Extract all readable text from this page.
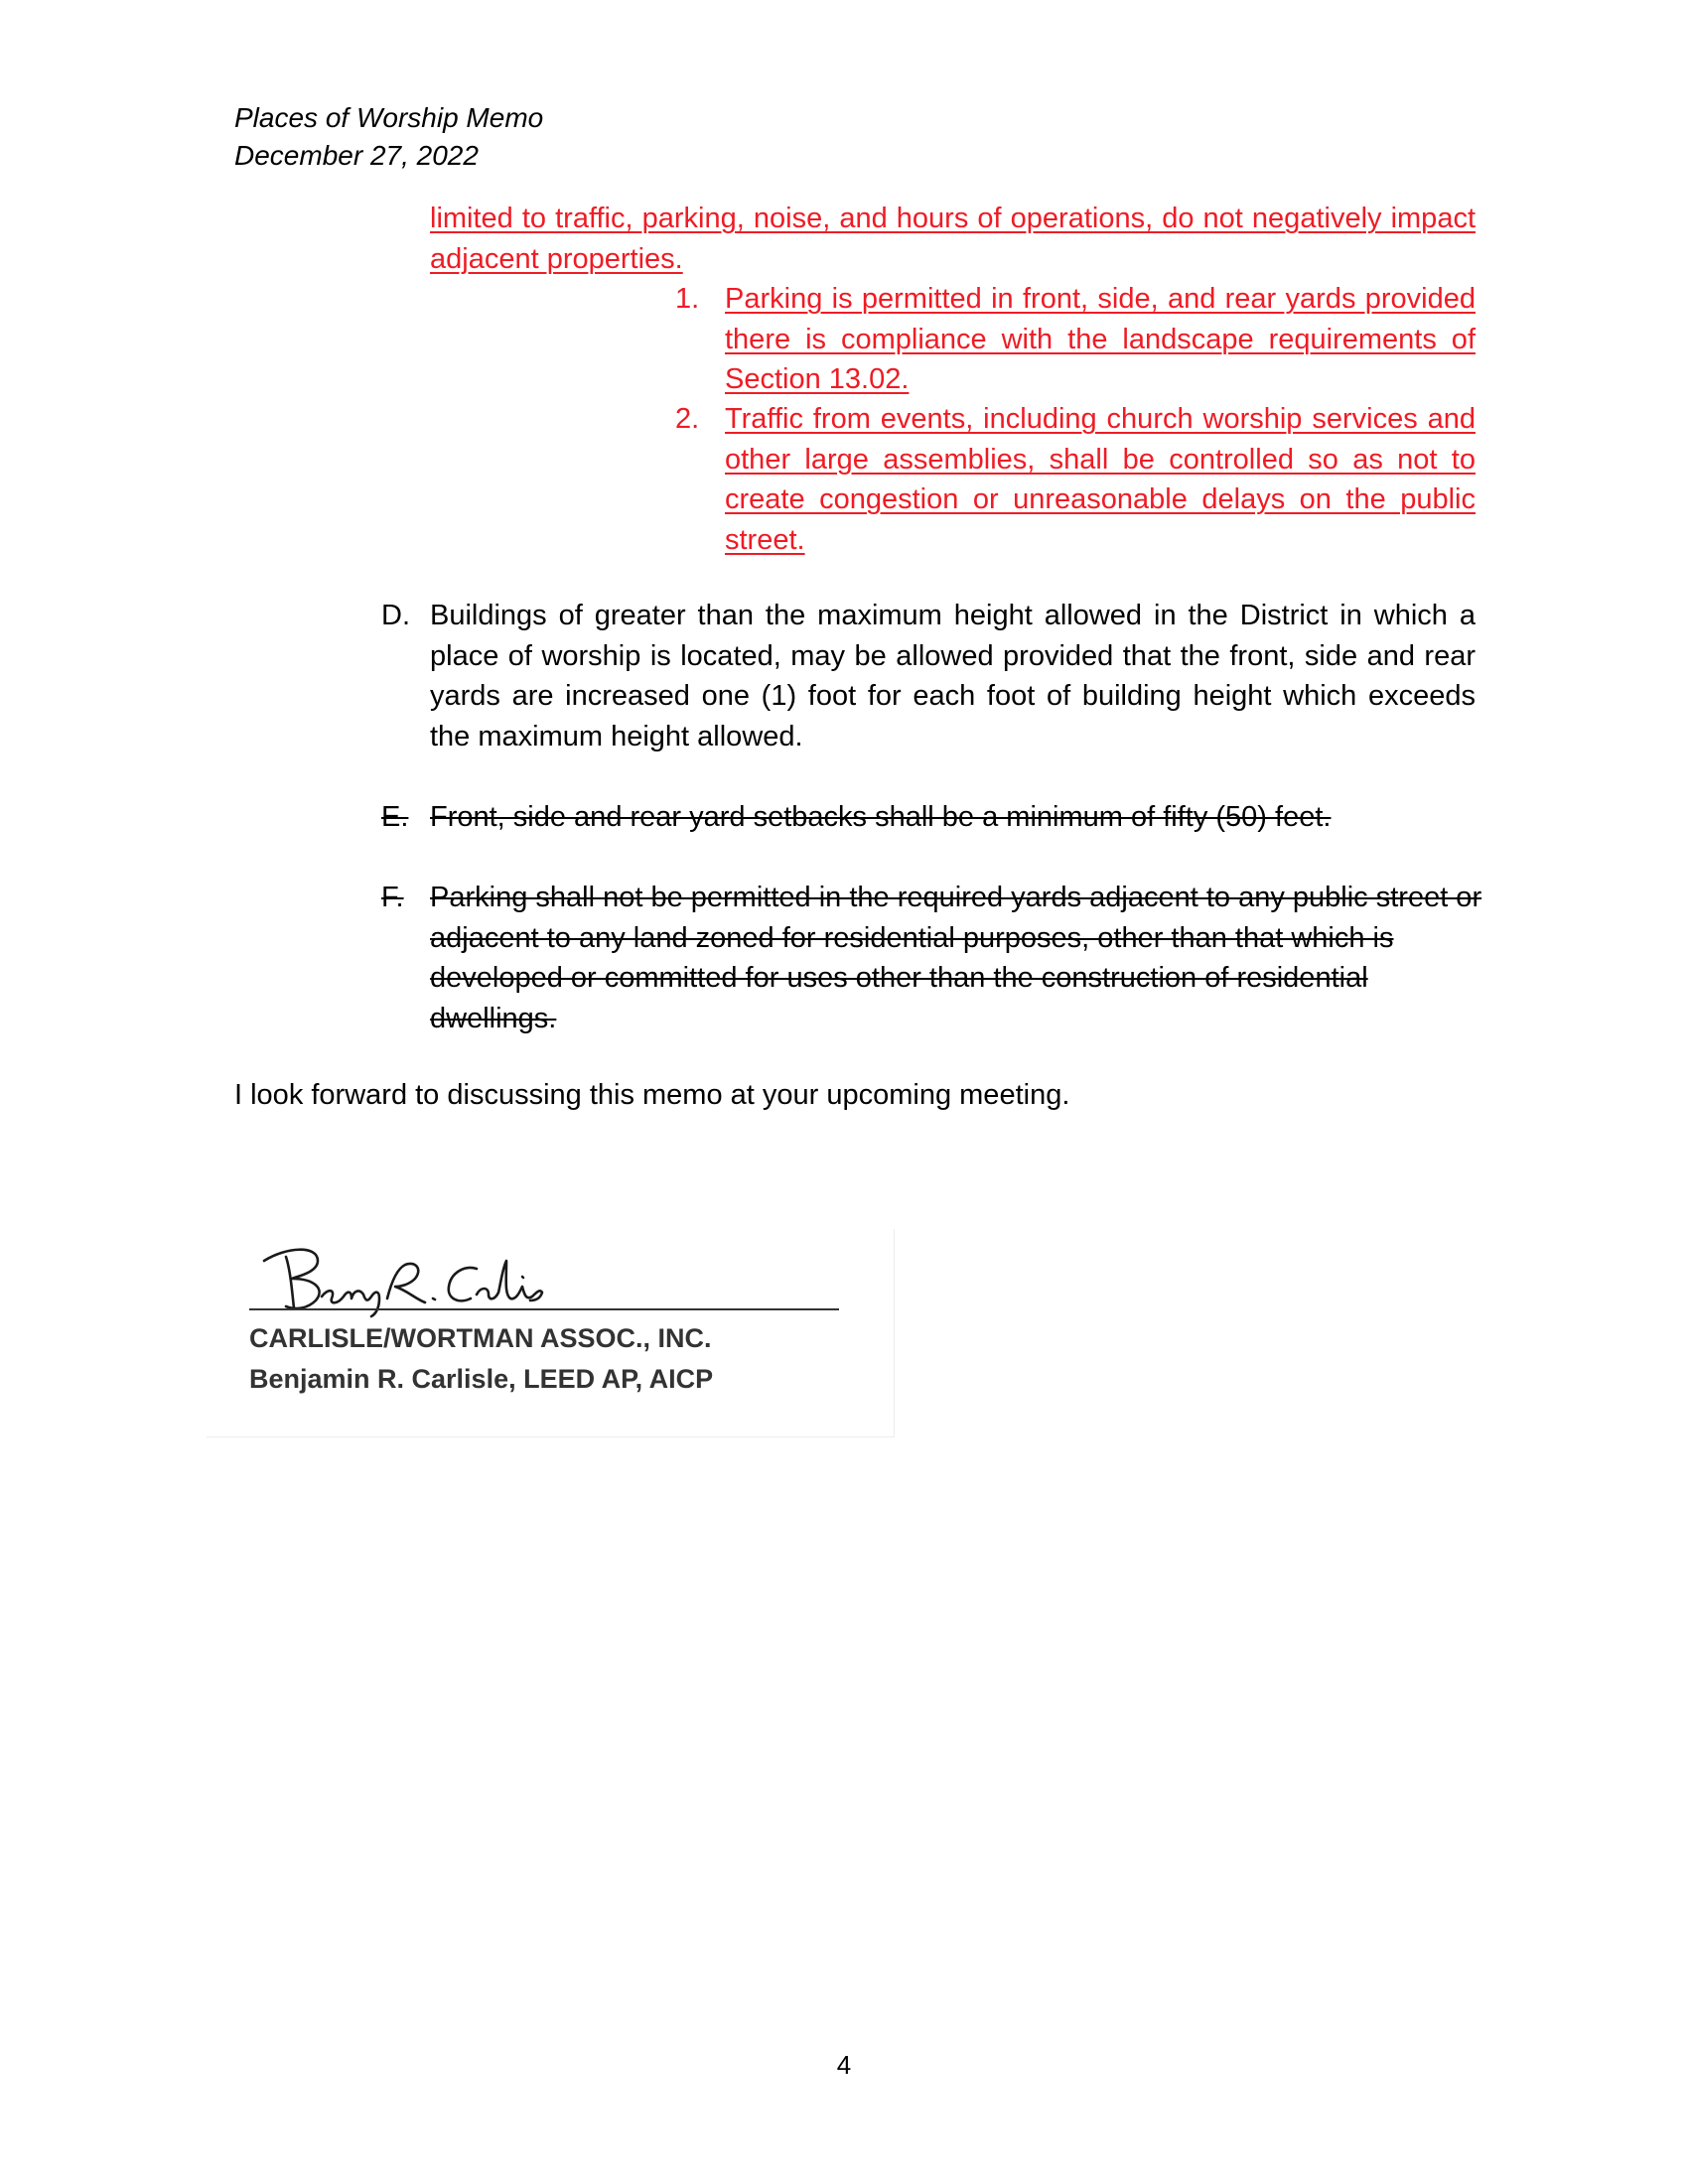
Places of Worship Memo
December 27, 2022
limited to traffic, parking, noise, and hours of operations, do not negatively impact adjacent properties.
1. Parking is permitted in front, side, and rear yards provided there is compliance with the landscape requirements of Section 13.02.
2. Traffic from events, including church worship services and other large assemblies, shall be controlled so as not to create congestion or unreasonable delays on the public street.
D. Buildings of greater than the maximum height allowed in the District in which a place of worship is located, may be allowed provided that the front, side and rear yards are increased one (1) foot for each foot of building height which exceeds the maximum height allowed.
E. Front, side and rear yard setbacks shall be a minimum of fifty (50) feet.
F. Parking shall not be permitted in the required yards adjacent to any public street or adjacent to any land zoned for residential purposes, other than that which is developed or committed for uses other than the construction of residential dwellings.
I look forward to discussing this memo at your upcoming meeting.
CARLISLE/WORTMAN ASSOC., INC.
Benjamin R. Carlisle, LEED AP, AICP
4
